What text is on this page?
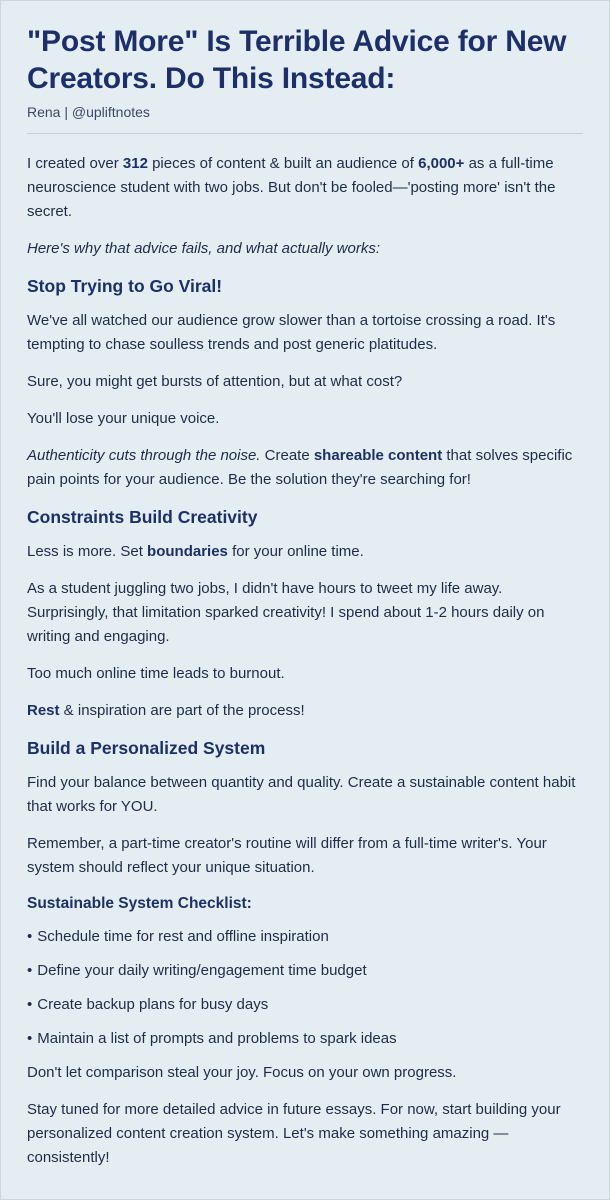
"Post More" Is Terrible Advice for New Creators. Do This Instead:
Rena | @upliftnotes

I created over 312 pieces of content & built an audience of 6,000+ as a full-time neuroscience student with two jobs. But don't be fooled—'posting more' isn't the secret.

Here's why that advice fails, and what actually works:

Stop Trying to Go Viral!

We've all watched our audience grow slower than a tortoise crossing a road. It's tempting to chase soulless trends and post generic platitudes.

Sure, you might get bursts of attention, but at what cost?

You'll lose your unique voice.

Authenticity cuts through the noise. Create shareable content that solves specific pain points for your audience. Be the solution they're searching for!

Constraints Build Creativity

Less is more. Set boundaries for your online time.

As a student juggling two jobs, I didn't have hours to tweet my life away. Surprisingly, that limitation sparked creativity! I spend about 1-2 hours daily on writing and engaging.

Too much online time leads to burnout.

Rest & inspiration are part of the process!

Build a Personalized System

Find your balance between quantity and quality. Create a sustainable content habit that works for YOU.

Remember, a part-time creator's routine will differ from a full-time writer's. Your system should reflect your unique situation.

Sustainable System Checklist:
• Schedule time for rest and offline inspiration
• Define your daily writing/engagement time budget
• Create backup plans for busy days
• Maintain a list of prompts and problems to spark ideas

Don't let comparison steal your joy. Focus on your own progress.

Stay tuned for more detailed advice in future essays. For now, start building your personalized content creation system. Let's make something amazing — consistently!
